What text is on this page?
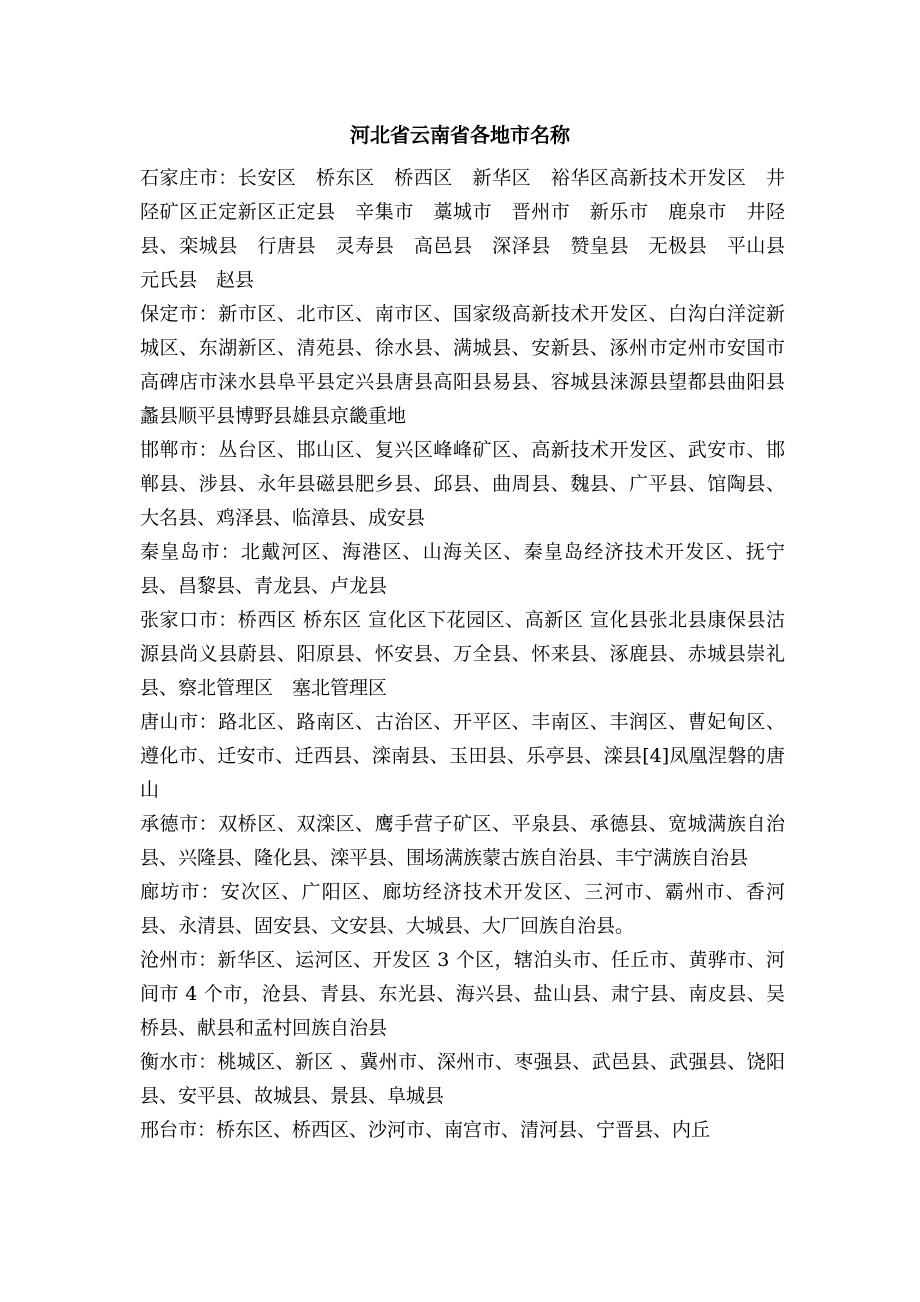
河北省云南省各地市名称

石家庄市：长安区　桥东区　桥西区　新华区　裕华区高新技术开发区　井陉矿区正定新区正定县　辛集市　藁城市　晋州市　新乐市　鹿泉市　井陉县、栾城县　行唐县　灵寿县　高邑县　深泽县　赞皇县　无极县　平山县　元氏县　赵县

保定市：新市区、北市区、南市区、国家级高新技术开发区、白沟白洋淀新城区、东湖新区、清苑县、徐水县、满城县、安新县、涿州市定州市安国市高碑店市涞水县阜平县定兴县唐县高阳县易县、容城县涞源县望都县曲阳县蠡县顺平县博野县雄县京畿重地

邯郸市：丛台区、邯山区、复兴区峰峰矿区、高新技术开发区、武安市、邯郸县、涉县、永年县磁县肥乡县、邱县、曲周县、魏县、广平县、馆陶县、大名县、鸡泽县、临漳县、成安县

秦皇岛市：北戴河区、海港区、山海关区、秦皇岛经济技术开发区、抚宁县、昌黎县、青龙县、卢龙县

张家口市：桥西区 桥东区 宣化区下花园区、高新区 宣化县张北县康保县沽源县尚义县蔚县、阳原县、怀安县、万全县、怀来县、涿鹿县、赤城县崇礼县、察北管理区　塞北管理区

唐山市：路北区、路南区、古治区、开平区、丰南区、丰润区、曹妃甸区、遵化市、迁安市、迁西县、滦南县、玉田县、乐亭县、滦县[4]凤凰涅磐的唐山

承德市：双桥区、双滦区、鹰手营子矿区、平泉县、承德县、宽城满族自治县、兴隆县、隆化县、滦平县、围场满族蒙古族自治县、丰宁满族自治县

廊坊市：安次区、广阳区、廊坊经济技术开发区、三河市、霸州市、香河县、永清县、固安县、文安县、大城县、大厂回族自治县。

沧州市：新华区、运河区、开发区 3 个区，辖泊头市、任丘市、黄骅市、河间市 4 个市，沧县、青县、东光县、海兴县、盐山县、肃宁县、南皮县、吴桥县、献县和孟村回族自治县

衡水市：桃城区、新区 、冀州市、深州市、枣强县、武邑县、武强县、饶阳县、安平县、故城县、景县、阜城县

邢台市：桥东区、桥西区、沙河市、南宫市、清河县、宁晋县、内丘
